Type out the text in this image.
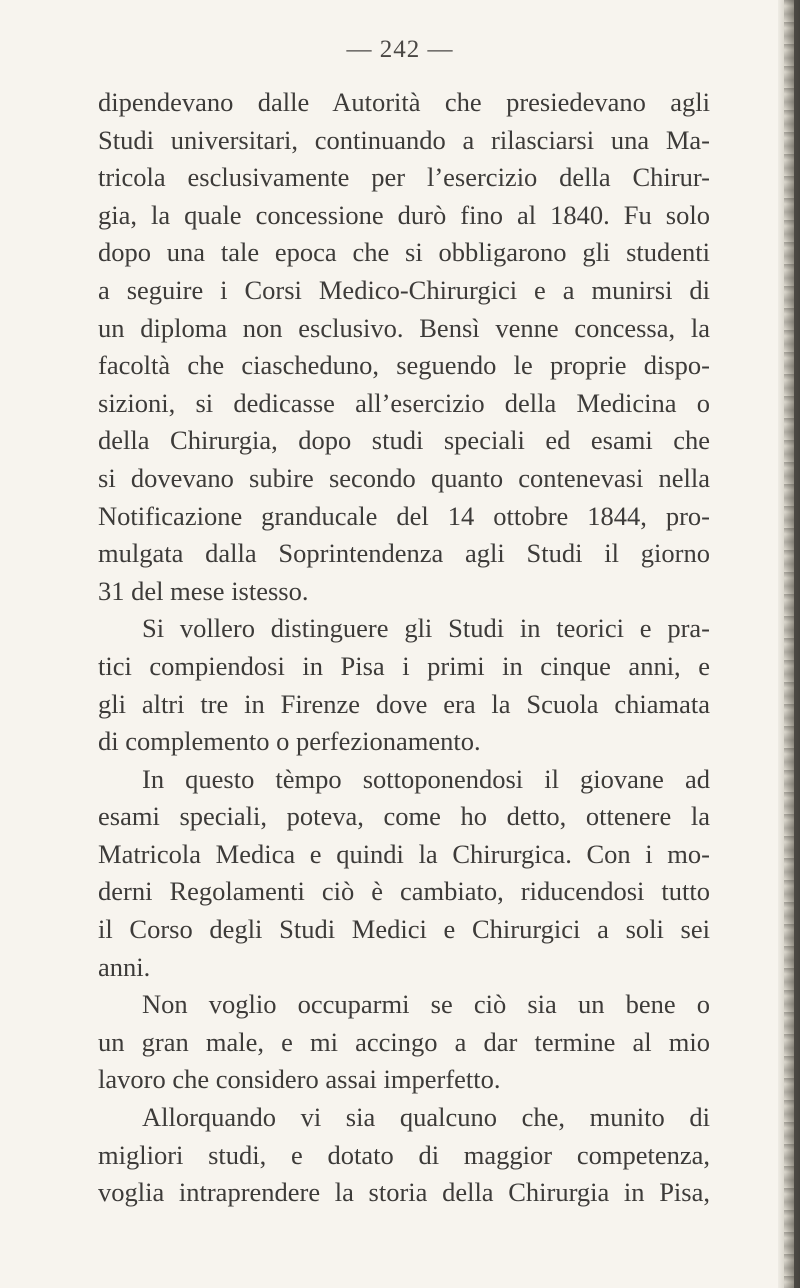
— 242 —
dipendevano dalle Autorità che presiedevano agli
Studi universitari, continuando a rilasciarsi una Ma-
tricola esclusivamente per l’esercizio della Chirur-
gia, la quale concessione durò fino al 1840. Fu solo
dopo una tale epoca che si obbligarono gli studenti
a seguire i Corsi Medico-Chirurgici e a munirsi di
un diploma non esclusivo. Bensì venne concessa, la
facoltà che ciascheduno, seguendo le proprie dispo-
sizioni, si dedicasse all’esercizio della Medicina o
della Chirurgia, dopo studi speciali ed esami che
si dovevano subire secondo quanto contenevasi nella
Notificazione granducale del 14 ottobre 1844, pro-
mulgata dalla Soprintendenza agli Studi il giorno
31 del mese istesso.
Si vollero distinguere gli Studi in teorici e pra-
tici compiendosi in Pisa i primi in cinque anni, e
gli altri tre in Firenze dove era la Scuola chiamata
di complemento o perfezionamento.
In questo tèmpo sottoponendosi il giovane ad
esami speciali, poteva, come ho detto, ottenere la
Matricola Medica e quindi la Chirurgica. Con i mo-
derni Regolamenti ciò è cambiato, riducendosi tutto
il Corso degli Studi Medici e Chirurgici a soli sei
anni.
Non voglio occuparmi se ciò sia un bene o
un gran male, e mi accingo a dar termine al mio
lavoro che considero assai imperfetto.
Allorquando vi sia qualcuno che, munito di
migliori studi, e dotato di maggior competenza,
voglia intraprendere la storia della Chirurgia in Pisa,
